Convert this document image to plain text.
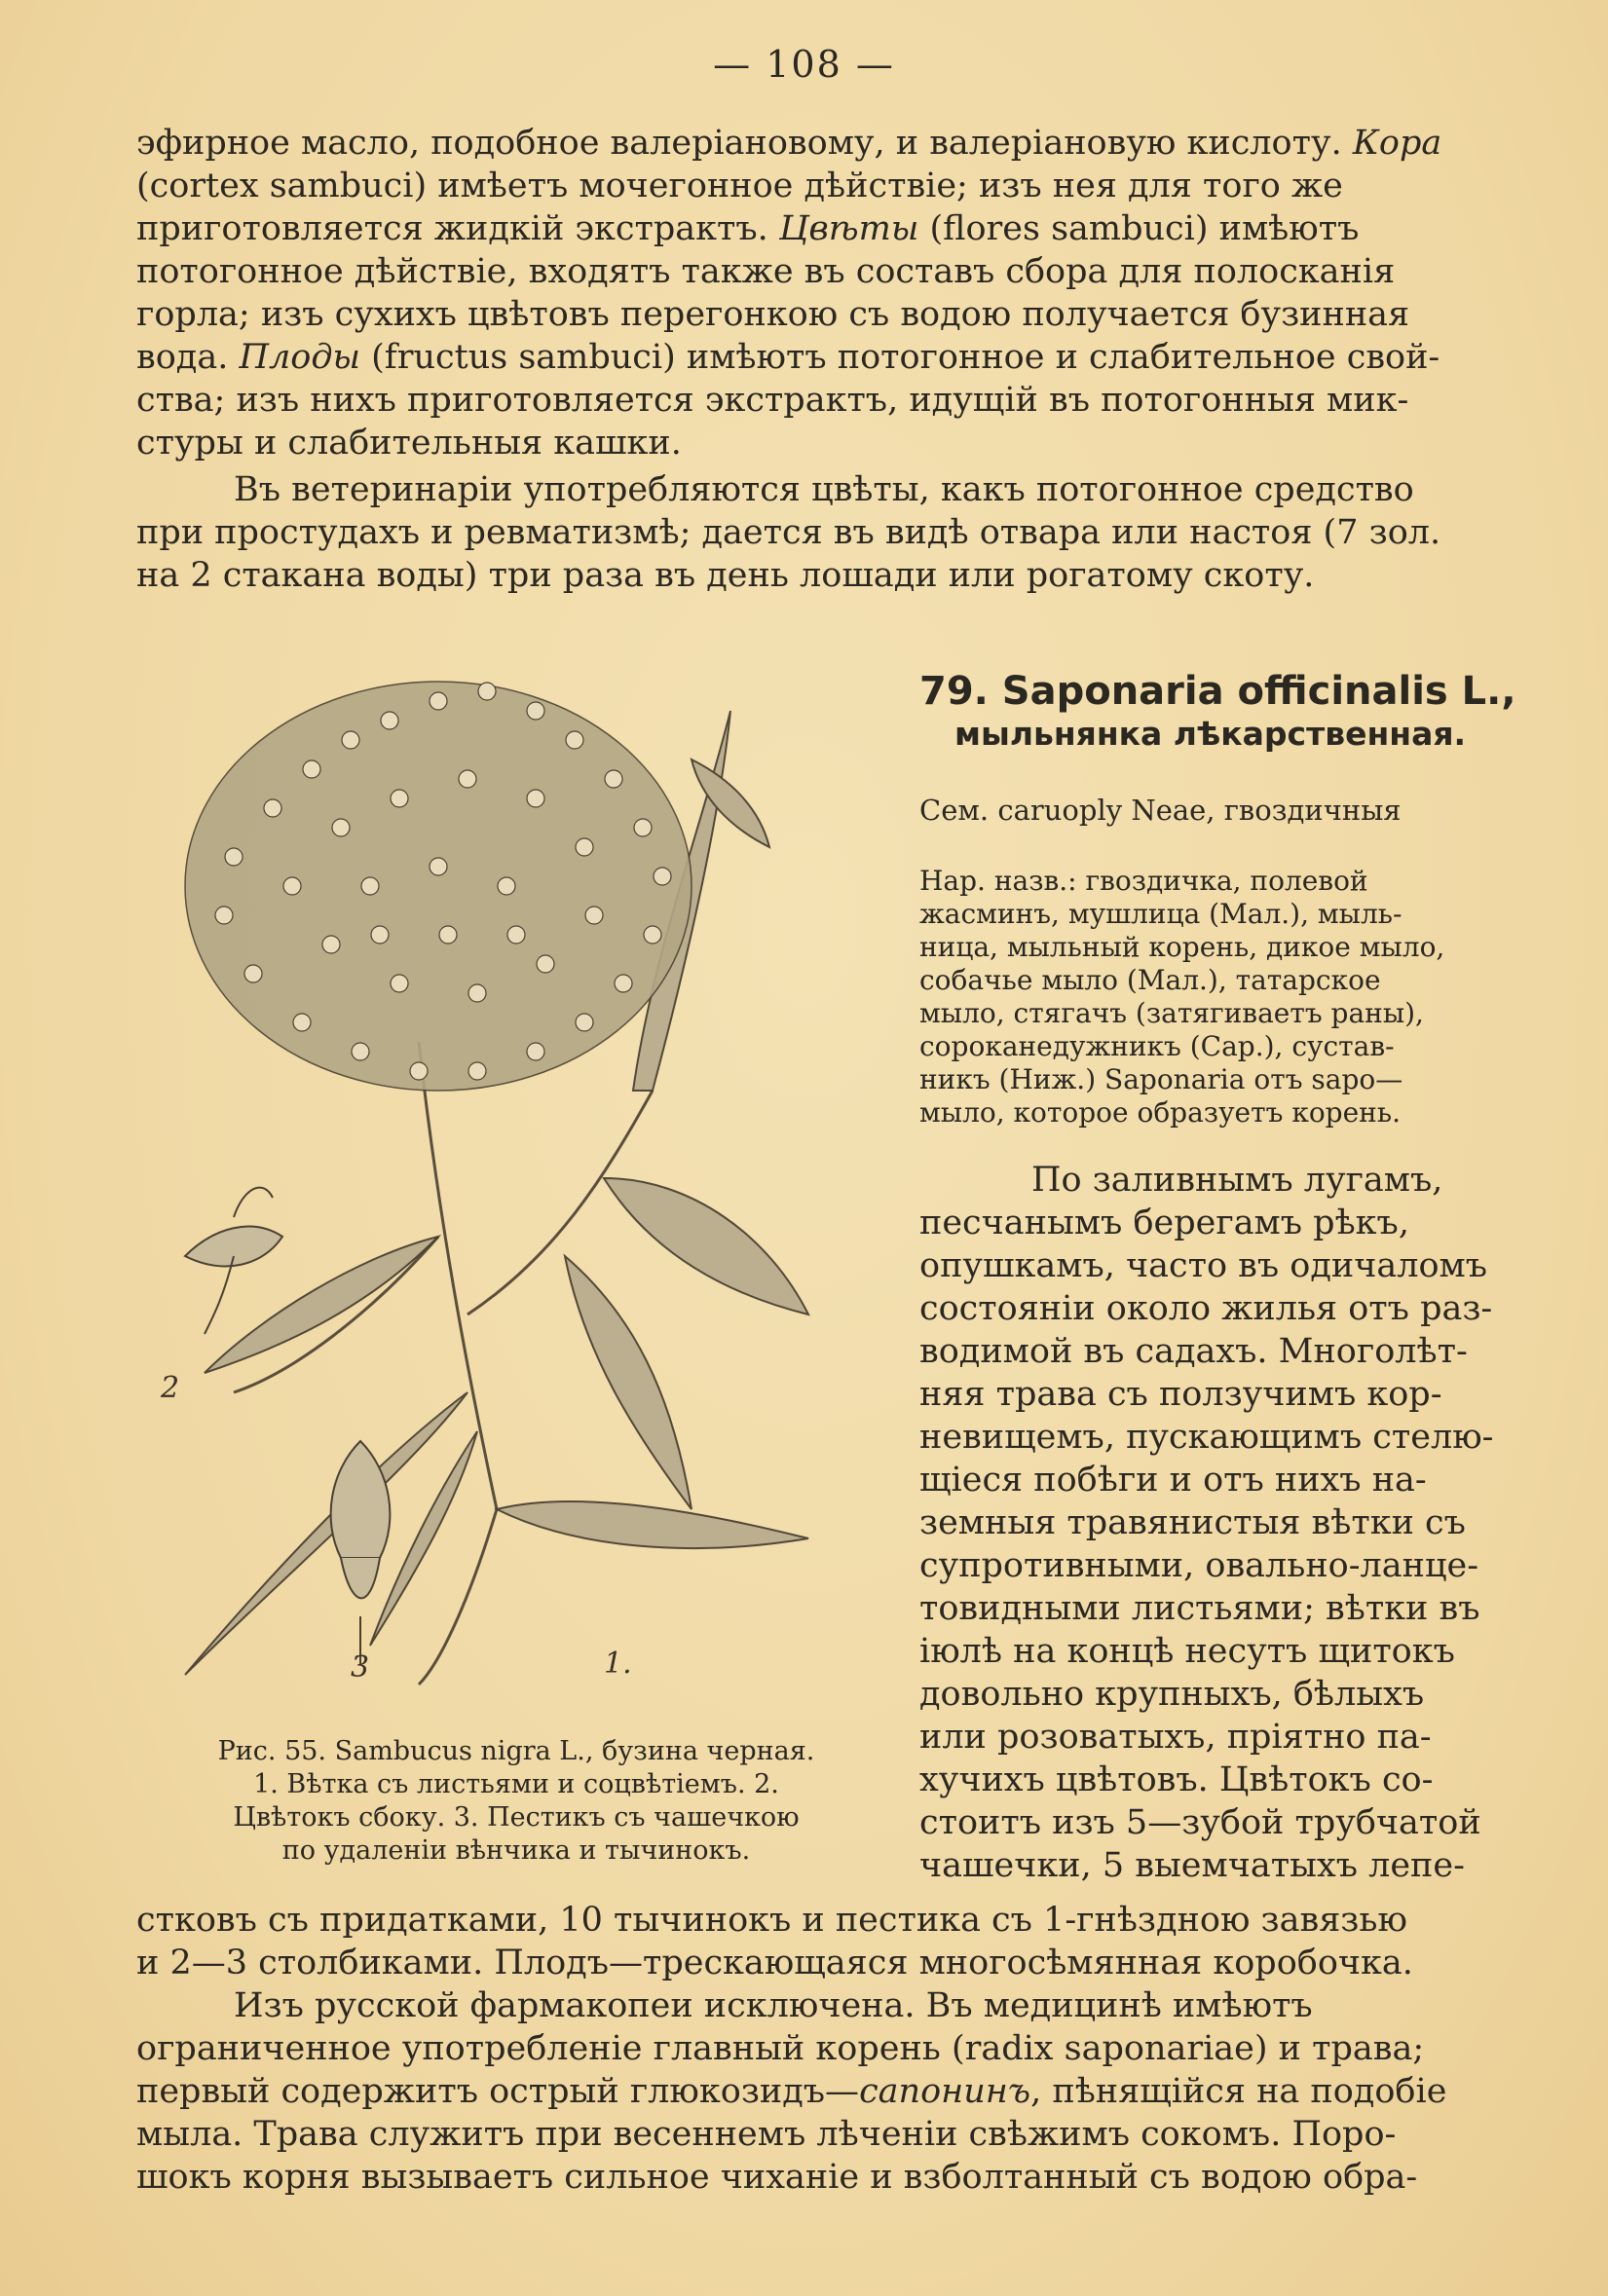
— 108 —
эфирное масло, подобное валеріановому, и валеріановую кислоту. Кора
(cortex sambuci) имѣетъ мочегонное дѣйствіе; изъ нея для того же
приготовляется жидкій экстрактъ. Цвѣты (flores sambuci) имѣютъ
потогонное дѣйствіе, входятъ также въ составъ сбора для полосканія
горла; изъ сухихъ цвѣтовъ перегонкою съ водою получается бузинная
вода. Плоды (fructus sambuci) имѣютъ потогонное и слабительное свой-
ства; изъ нихъ приготовляется экстрактъ, идущій въ потогонныя мик-
стуры и слабительныя кашки.
Въ ветеринаріи употребляются цвѣты, какъ потогонное средство
при простудахъ и ревматизмѣ; дается въ видѣ отвара или настоя (7 зол.
на 2 стакана воды) три раза въ день лошади или рогатому скоту.
2
3	1.
Рис. 55. Sambucus nigra L., бузина черная.
1. Вѣтка съ листьями и соцвѣтіемъ. 2.
Цвѣтокъ сбоку. 3. Пестикъ съ чашечкою
по удаленіи вѣнчика и тычинокъ.
79. Saponaria officinalis L.,
мыльнянка лѣкарственная.
Сем. caruoply Neae, гвоздичныя
Нар. назв.: гвоздичка, полевой
жасминъ, мушлица (Мал.), мыль-
ница, мыльный корень, дикое мыло,
собачье мыло (Мал.), татарское
мыло, стягачъ (затягиваетъ раны),
сороканедужникъ (Сар.), сустав-
никъ (Ниж.) Saponaria отъ sapo—
мыло, которое образуетъ корень.
По заливнымъ лугамъ,
песчанымъ берегамъ рѣкъ,
опушкамъ, часто въ одичаломъ
состояніи около жилья отъ раз-
водимой въ садахъ. Многолѣт-
няя трава съ ползучимъ кор-
невищемъ, пускающимъ стелю-
щіеся побѣги и отъ нихъ на-
земныя травянистыя вѣтки съ
супротивными, овально-ланце-
товидными листьями; вѣтки въ
іюлѣ на концѣ несутъ щитокъ
довольно крупныхъ, бѣлыхъ
или розоватыхъ, пріятно па-
хучихъ цвѣтовъ. Цвѣтокъ со-
стоитъ изъ 5—зубой трубчатой
чашечки, 5 выемчатыхъ лепе-
стковъ съ придатками, 10 тычинокъ и пестика съ 1-гнѣздною завязью
и 2—3 столбиками. Плодъ—трескающаяся многосѣмянная коробочка.
Изъ русской фармакопеи исключена. Въ медицинѣ имѣютъ
ограниченное употребленіе главный корень (radix saponariae) и трава;
первый содержитъ острый глюкозидъ—сапонинъ, пѣнящійся на подобіе
мыла. Трава служитъ при весеннемъ лѣченіи свѣжимъ сокомъ. Поро-
шокъ корня вызываетъ сильное чиханіе и взболтанный съ водою обра-
